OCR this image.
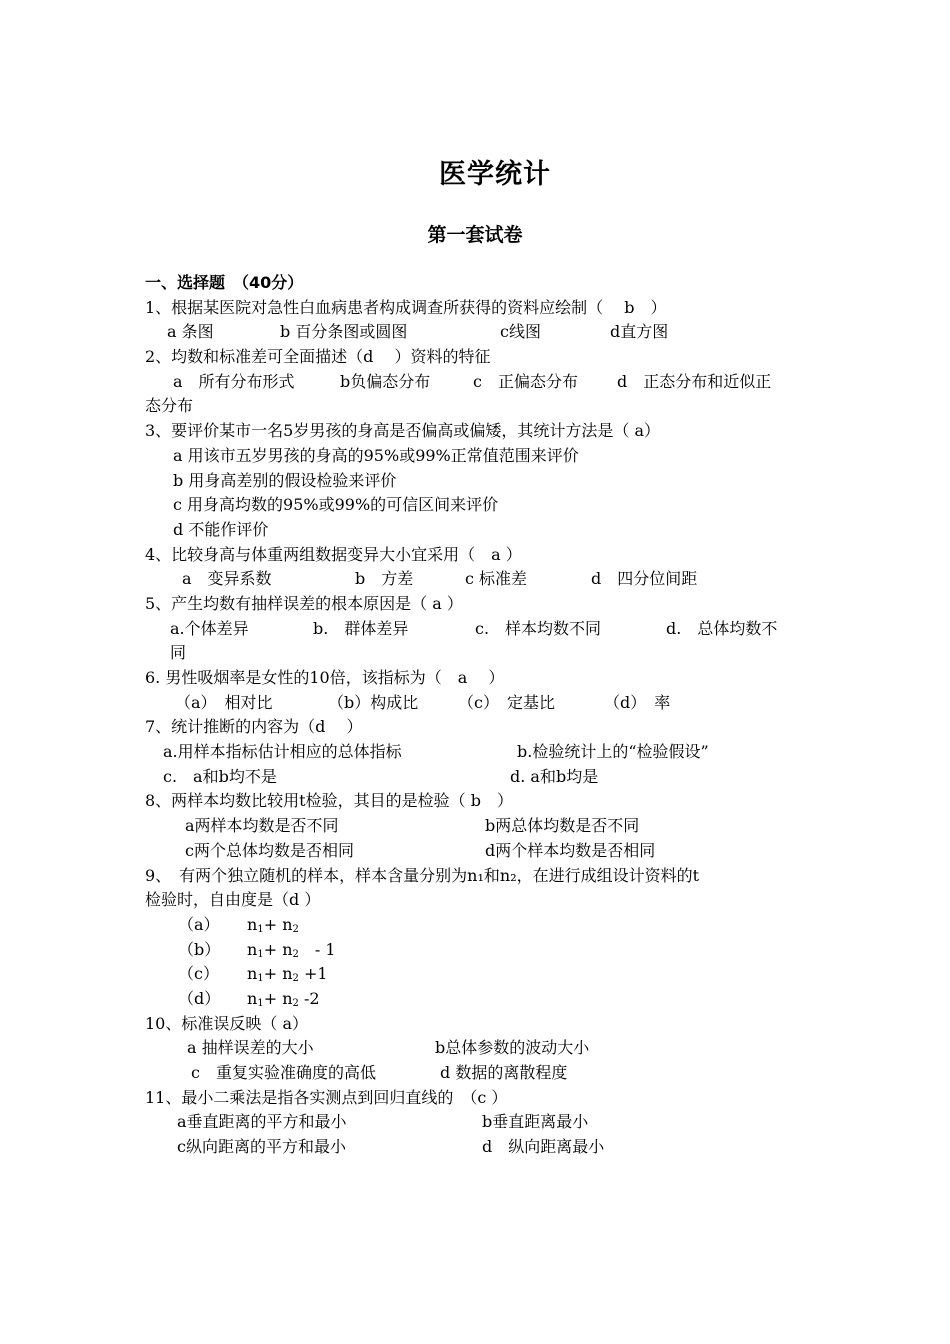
医学统计
第一套试卷
一、选择题　（40分）
1、根据某医院对急性白血病患者构成调查所获得的资料应绘制（　 b　）
a 条图	b 百分条图或圆图	c线图	d直方图
2、均数和标准差可全面描述（d　 ）资料的特征
a　所有分布形式	b负偏态分布	c　正偏态分布 d　正态分布和近似正
态分布
3、要评价某市一名5岁男孩的身高是否偏高或偏矮，其统计方法是（ a）
a 用该市五岁男孩的身高的95%或99%正常值范围来评价
b 用身高差别的假设检验来评价
c 用身高均数的95%或99%的可信区间来评价
d 不能作评价
4、比较身高与体重两组数据变异大小宜采用（　a ）
a　变异系数	b　方差	c 标准差	d　四分位间距
5、产生均数有抽样误差的根本原因是（ a ）
a.个体差异	b.　群体差异	c.　样本均数不同	d.　总体均数不
同
6. 男性吸烟率是女性的10倍，该指标为（　a　 ）
（a）　相对比	（b）构成比 （c）　定基比	（d）　率
7、统计推断的内容为（d　 ）
a.用样本指标估计相应的总体指标	b.检验统计上的“检验假设”
c.　a和b均不是	d. a和b均是
8、两样本均数比较用t检验，其目的是检验（ b　）
a两样本均数是否不同	b两总体均数是否不同
c两个总体均数是否相同	d两个样本均数是否相同
9、　有两个独立随机的样本，样本含量分别为n₁和n₂，在进行成组设计资料的t
检验时，自由度是（d ）
（a） $n_1+ n_2$
（b） $n_1+ n_2$　- 1
（c） $n_1+ n_2 +1$
（d） $n_1+ n_2$ -2
10、标准误反映（ a）
a 抽样误差的大小	b总体参数的波动大小
c　重复实验准确度的高低	d 数据的离散程度
11、最小二乘法是指各实测点到回归直线的　（c ）
a垂直距离的平方和最小	b垂直距离最小
c纵向距离的平方和最小	d　纵向距离最小
